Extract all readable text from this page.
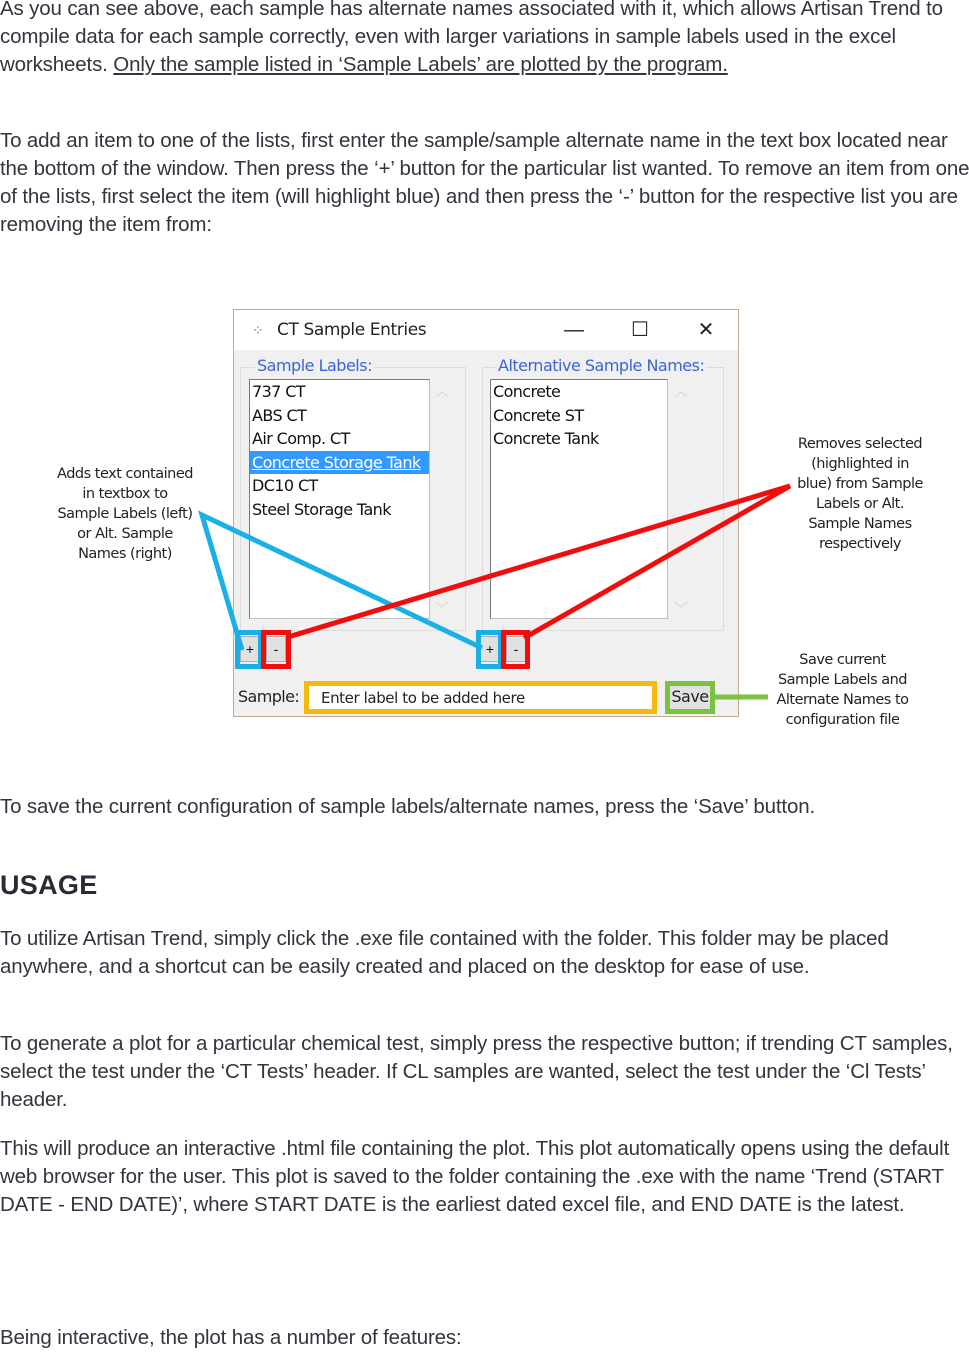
As you can see above, each sample has alternate names associated with it, which allows Artisan Trend to compile data for each sample correctly, even with larger variations in sample labels used in the excel worksheets. Only the sample listed in ‘Sample Labels’ are plotted by the program.

To add an item to one of the lists, first enter the sample/sample alternate name in the text box located near the bottom of the window. Then press the ‘+’ button for the particular list wanted. To remove an item from one of the lists, first select the item (will highlight blue) and then press the ‘-’ button for the respective list you are removing the item from:

⁘ CT Sample Entries	—	☐	✕
Sample Labels:
737 CT
ABS CT
Air Comp. CT
Concrete Storage Tank
DC10 CT
Steel Storage Tank
︿
﹀
Alternative Sample Names:
Concrete
Concrete ST
Concrete Tank
︿
﹀
+	-	+	-
Sample:
Enter label to be added here	Save
Adds text contained
in textbox to
Sample Labels (left)
or Alt. Sample
Names (right)
Removes selected
(highlighted in
blue) from Sample
Labels or Alt.
Sample Names
respectively
Save current
Sample Labels and
Alternate Names to
configuration file

To save the current configuration of sample labels/alternate names, press the ‘Save’ button.

USAGE

To utilize Artisan Trend, simply click the .exe file contained with the folder. This folder may be placed anywhere, and a shortcut can be easily created and placed on the desktop for ease of use.

To generate a plot for a particular chemical test, simply press the respective button; if trending CT samples, select the test under the ‘CT Tests’ header. If CL samples are wanted, select the test under the ‘Cl Tests’ header.

This will produce an interactive .html file containing the plot. This plot automatically opens using the default web browser for the user. This plot is saved to the folder containing the .exe with the name ‘Trend (START DATE - END DATE)’, where START DATE is the earliest dated excel file, and END DATE is the latest.

Being interactive, the plot has a number of features:
